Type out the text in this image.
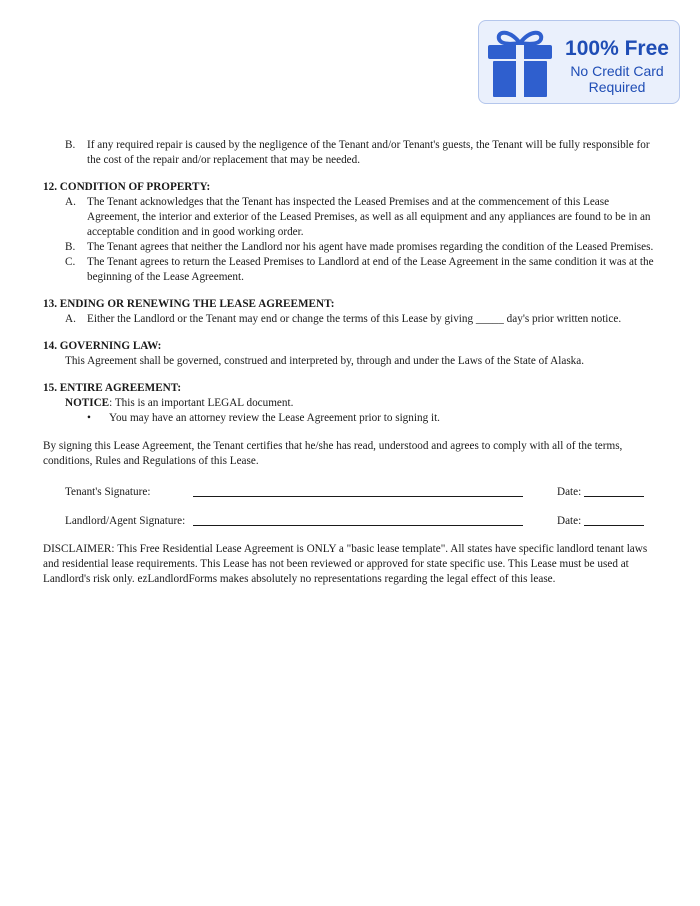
100% Free
No Credit Card
Required
B.	If any required repair is caused by the negligence of the Tenant and/or Tenant's guests, the Tenant will be fully responsible for the cost of the repair and/or replacement that may be needed.
12. CONDITION OF PROPERTY:
A. The Tenant acknowledges that the Tenant has inspected the Leased Premises and at the commencement of this Lease Agreement, the interior and exterior of the Leased Premises, as well as all equipment and any appliances are found to be in an acceptable condition and in good working order.
B.	The Tenant agrees that neither the Landlord nor his agent have made promises regarding the condition of the Leased Premises.
C.	The Tenant agrees to return the Leased Premises to Landlord at end of the Lease Agreement in the same condition it was at the beginning of the Lease Agreement.
13. ENDING OR RENEWING THE LEASE AGREEMENT:
A. Either the Landlord or the Tenant may end or change the terms of this Lease by giving _____ day's prior written notice.
14. GOVERNING LAW:
This Agreement shall be governed, construed and interpreted by, through and under the Laws of the State of Alaska.
15. ENTIRE AGREEMENT:
NOTICE: This is an important LEGAL document.
•	You may have an attorney review the Lease Agreement prior to signing it.
By signing this Lease Agreement, the Tenant certifies that he/she has read, understood and agrees to comply with all of the terms, conditions, Rules and Regulations of this Lease.
Tenant's Signature:	Date:
Landlord/Agent Signature:	Date:
DISCLAIMER: This Free Residential Lease Agreement is ONLY a "basic lease template". All states have specific landlord tenant laws and residential lease requirements. This Lease has not been reviewed or approved for state specific use. This Lease must be used at Landlord's risk only. ezLandlordForms makes absolutely no representations regarding the legal effect of this lease.
